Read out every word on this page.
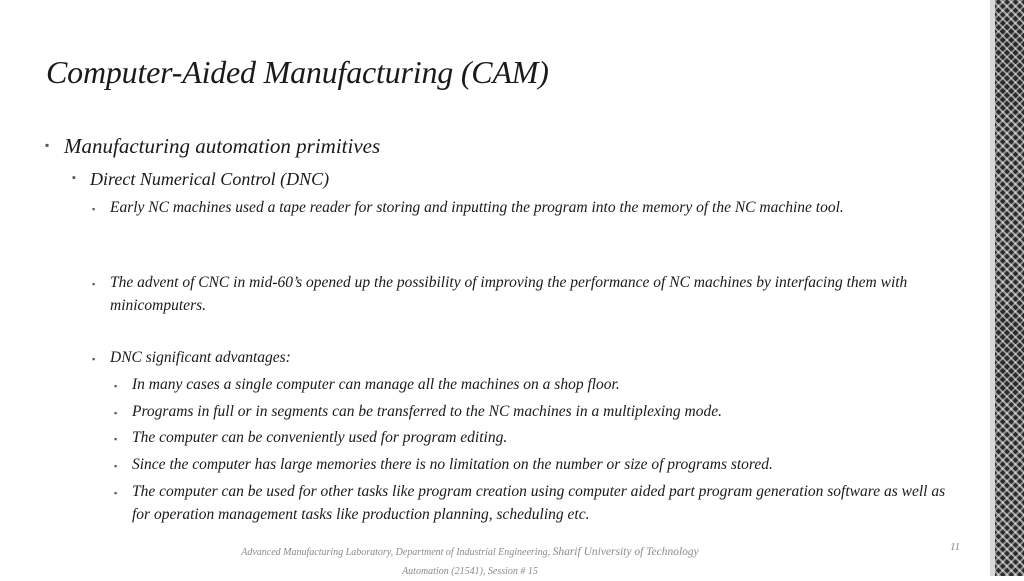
Computer-Aided Manufacturing (CAM)
▪ Manufacturing automation primitives
▪ Direct Numerical Control (DNC)
▪ Early NC machines used a tape reader for storing and inputting the program into the memory of the NC machine tool.
▪ The advent of CNC in mid-60’s opened up the possibility of improving the performance of NC machines by interfacing them with minicomputers.
▪ DNC significant advantages:
▪ In many cases a single computer can manage all the machines on a shop floor.
▪ Programs in full or in segments can be transferred to the NC machines in a multiplexing mode.
▪ The computer can be conveniently used for program editing.
▪ Since the computer has large memories there is no limitation on the number or size of programs stored.
▪ The computer can be used for other tasks like program creation using computer aided part program generation software as well as for operation management tasks like production planning, scheduling etc.
Advanced Manufacturing Laboratory, Department of Industrial Engineering, Sharif University of Technology
Automation (21541), Session # 15
11
